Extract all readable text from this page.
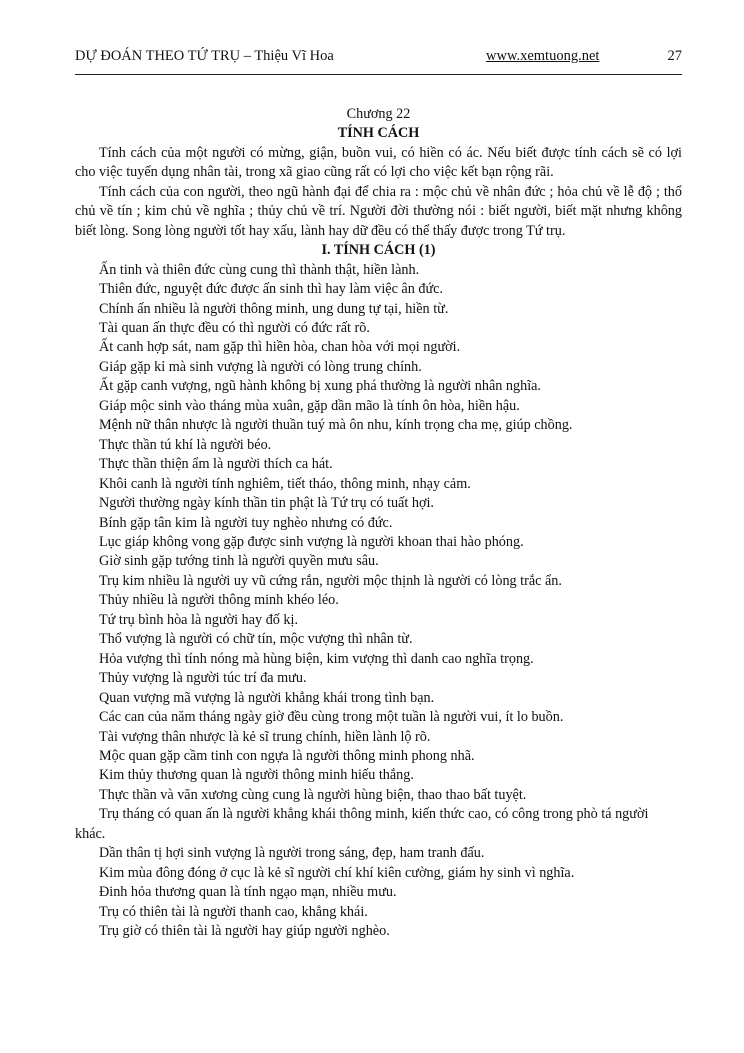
DỰ ĐOÁN THEO TỨ TRỤ – Thiệu Vĩ Hoa	www.xemtuong.net	27
Chương 22
TÍNH CÁCH

Tính cách của một người có mừng, giận, buồn vui, có hiền có ác. Nếu biết được tính cách sẽ có lợi cho việc tuyển dụng nhân tài, trong xã giao cũng rất có lợi cho việc kết bạn rộng rãi.

Tính cách của con người, theo ngũ hành đại để chia ra : mộc chủ về nhân đức ; hỏa chủ về lễ độ ; thổ chủ về tín ; kim chủ về nghĩa ; thủy chủ về trí. Người đời thường nói : biết người, biết mặt nhưng không biết lòng. Song lòng người tốt hay xấu, lành hay dữ đều có thể thấy được trong Tứ trụ.

I. TÍNH CÁCH (1)

Ấn tinh và thiên đức cùng cung thì thành thật, hiền lành.

Thiên đức, nguyệt đức được ấn sinh thì hay làm việc ân đức.

Chính ấn nhiều là người thông minh, ung dung tự tại, hiền từ.

Tài quan ấn thực đều có thì người có đức rất rõ.

Ất canh hợp sát, nam gặp thì hiền hòa, chan hòa với mọi người.

Giáp gặp kỉ mà sinh vượng là người có lòng trung chính.

Ất gặp canh vượng, ngũ hành không bị xung phá thường là người nhân nghĩa.

Giáp mộc sinh vào tháng mùa xuân, gặp dần mão là tính ôn hòa, hiền hậu.

Mệnh nữ thân nhược là người thuần tuý mà ôn nhu, kính trọng cha mẹ, giúp chồng.

Thực thần tú khí là người béo.

Thực thần thiện ẩm là người thích ca hát.

Khôi canh là người tính nghiêm, tiết tháo, thông minh, nhạy cảm.

Người thường ngày kính thần tin phật là Tứ trụ có tuất hợi.

Bính gặp tân kim là người tuy nghèo nhưng có đức.

Lục giáp không vong gặp được sinh vượng là người khoan thai hào phóng.

Giờ sinh gặp tướng tinh là người quyền mưu sâu.

Trụ kim nhiều là người uy vũ cứng rắn, người mộc thịnh là người có lòng trắc ẩn.

Thủy nhiều là người thông minh khéo léo.

Tứ trụ bình hòa là người hay đố kị.

Thổ vượng là người có chữ tín, mộc vượng thì nhân từ.

Hỏa vượng thì tính nóng mà hùng biện, kim vượng thì danh cao nghĩa trọng.

Thủy vượng là người túc trí đa mưu.

Quan vượng mã vượng là người khẳng khái trong tình bạn.

Các can của năm tháng ngày giờ đều cùng trong một tuần là người vui, ít lo buồn.

Tài vượng thân nhược là kẻ sĩ trung chính, hiền lành lộ rõ.

Mộc quan gặp cầm tinh con ngựa là người thông minh phong nhã.

Kim thủy thương quan là người thông minh hiếu thắng.

Thực thần và văn xương cùng cung là người hùng biện, thao thao bất tuyệt.

Trụ tháng có quan ấn là người khẳng khái thông minh, kiến thức cao, có công trong phò tá người khác.

Dần thân tị hợi sinh vượng là người trong sáng, đẹp, ham tranh đấu.

Kim mùa đông đóng ở cục là kẻ sĩ người chí khí kiên cường, giám hy sinh vì nghĩa.

Đinh hỏa thương quan là tính ngạo mạn, nhiều mưu.

Trụ có thiên tài là người thanh cao, khẳng khái.

Trụ giờ có thiên tài là người hay giúp người nghèo.
